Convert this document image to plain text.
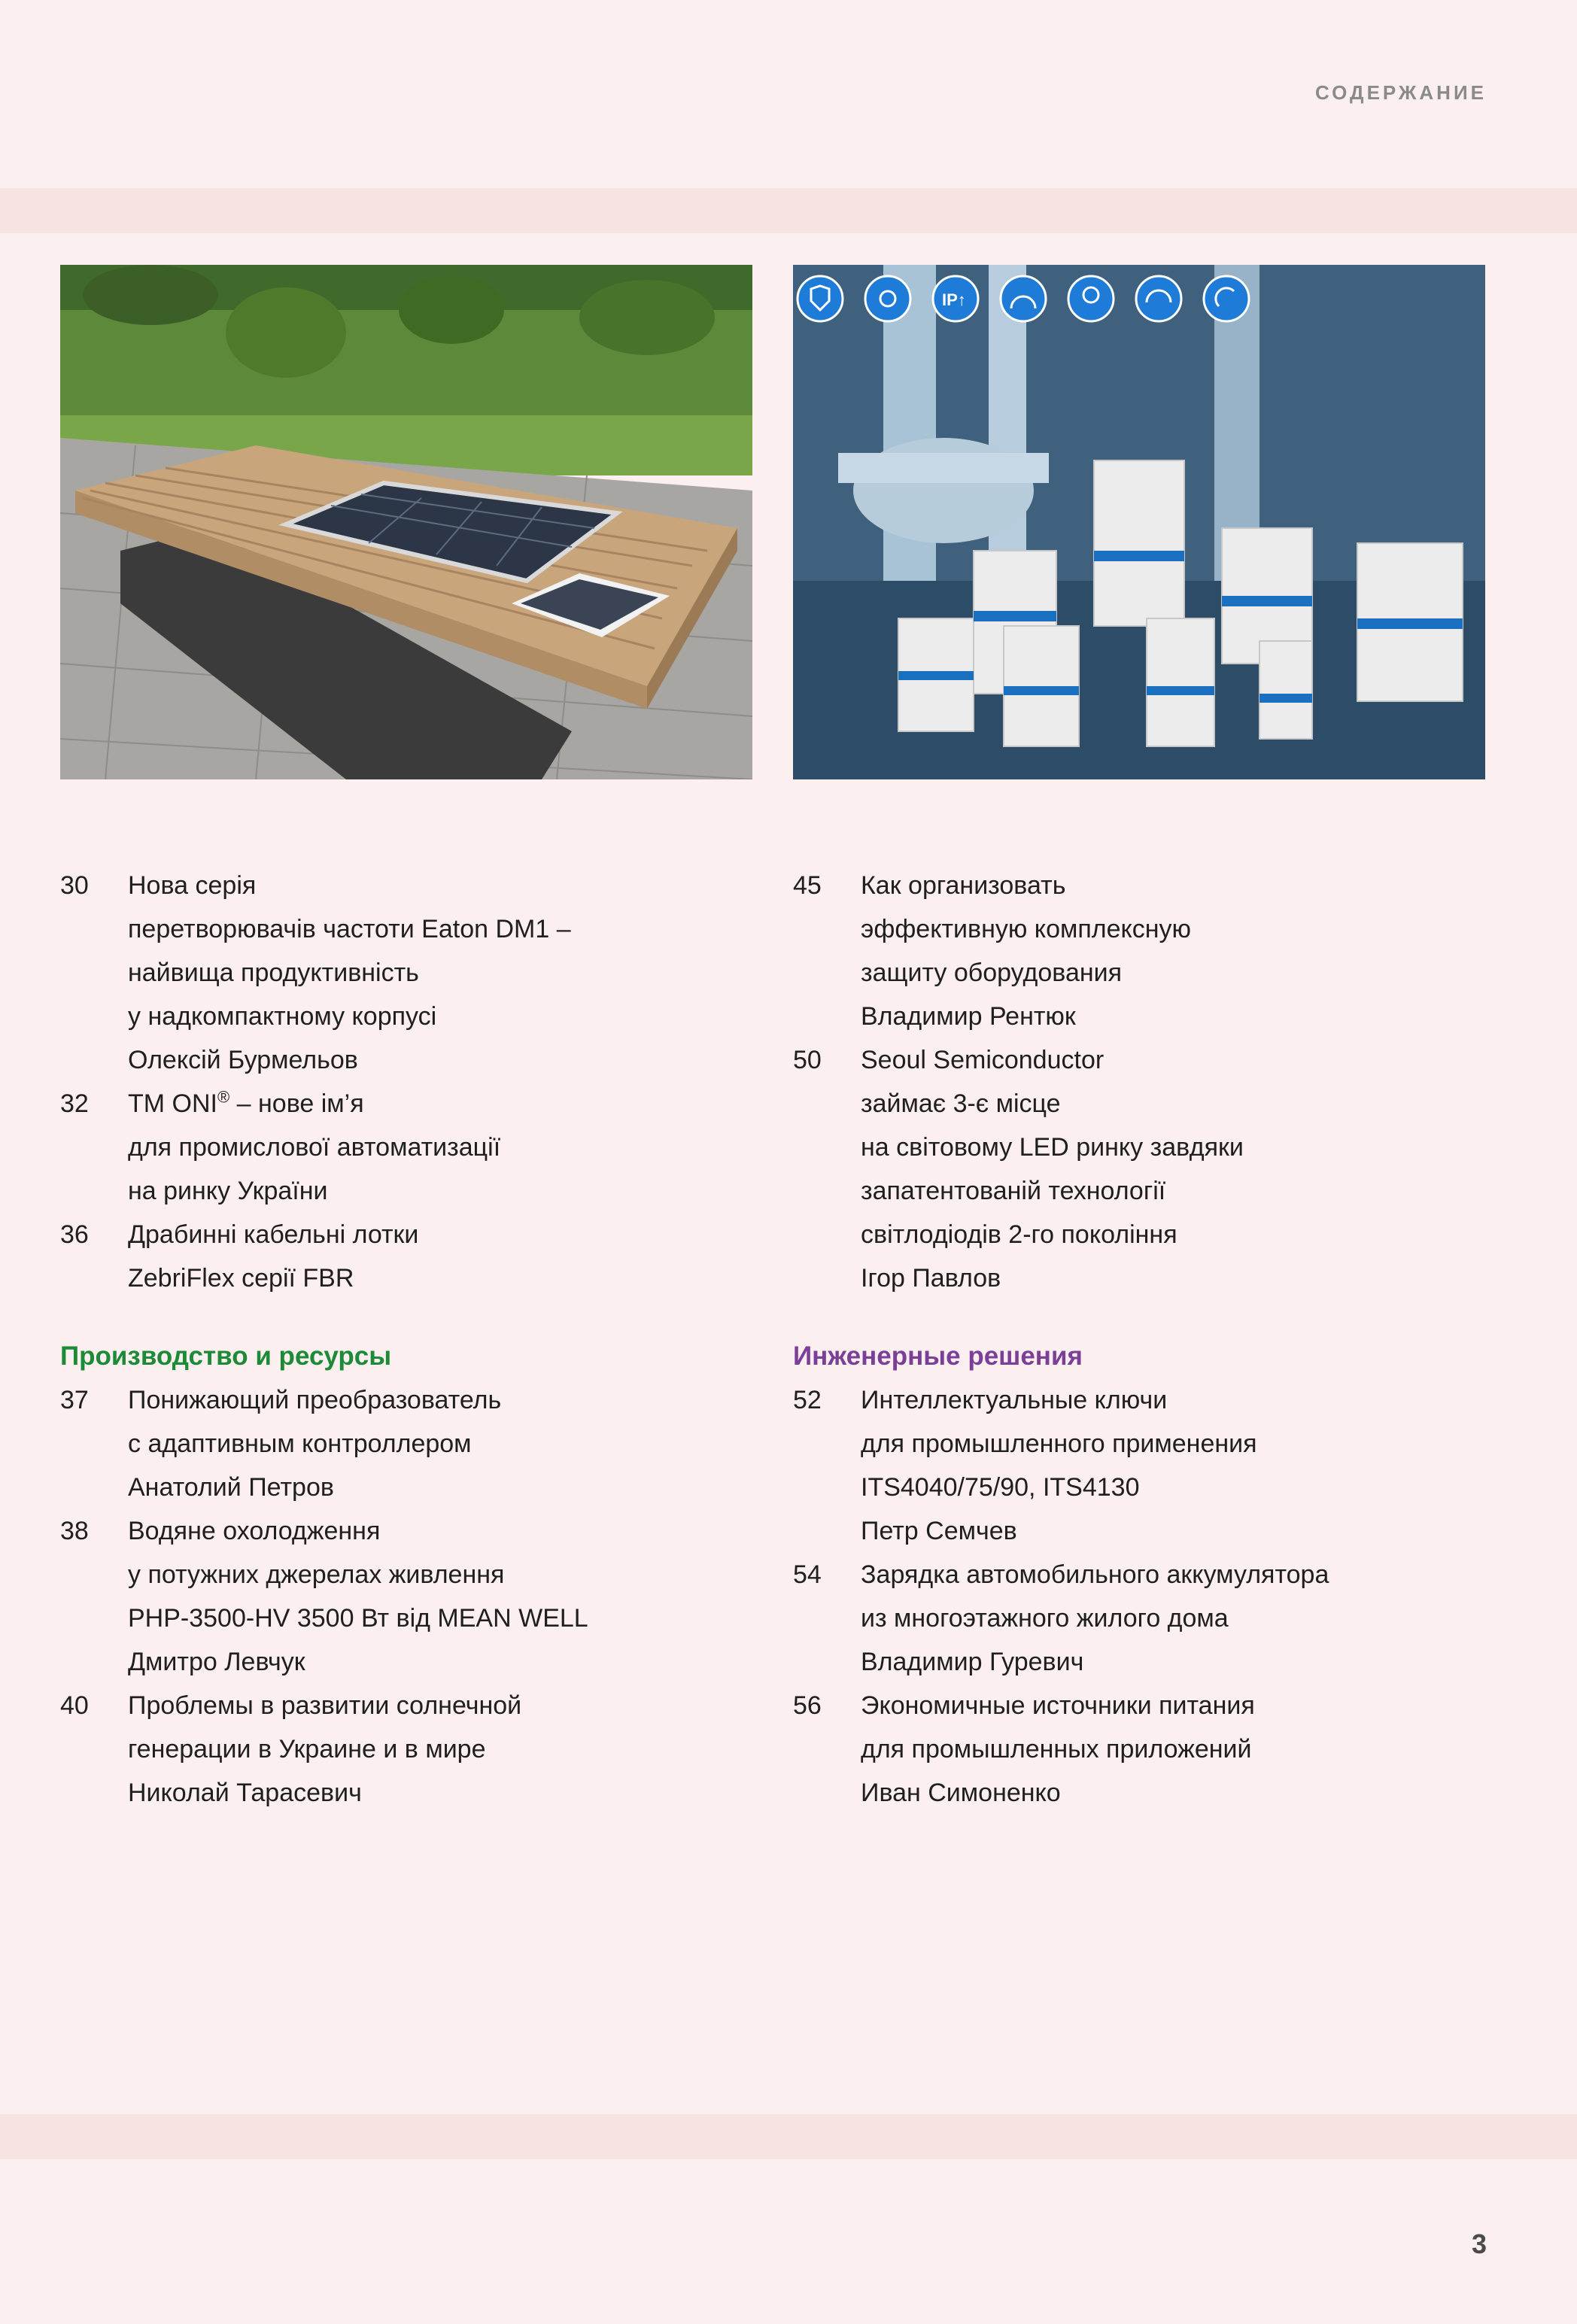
СОДЕРЖАНИЕ
IP↑
30	Нова серія
перетворювачів частоти Eaton DM1 –
найвища продуктивність
у надкомпактному корпусі
Олексій Бурмельов
32	ТМ ONI® – нове ім’я
для промислової автоматизації
на ринку України
36	Драбинні кабельні лотки
ZebriFlex серії FBR
Производство и ресурсы
37	Понижающий преобразователь
с адаптивным контроллером
Анатолий Петров
38	Водяне охолодження
у потужних джерелах живлення
PHP-3500-HV 3500 Вт від MEAN WELL
Дмитро Левчук
40	Проблемы в развитии солнечной
генерации в Украине и в мире
Николай Тарасевич
45	Как организовать
эффективную комплексную
защиту оборудования
Владимир Рентюк
50	Seoul Semiconductor
займає 3-є місце
на світовому LED ринку завдяки
запатентованій технології
світлодіодів 2-го покоління
Ігор Павлов
Инженерные решения
52	Интеллектуальные ключи
для промышленного применения
ITS4040/75/90, ITS4130
Петр Семчев
54	Зарядка автомобильного аккумулятора
из многоэтажного жилого дома
Владимир Гуревич
56	Экономичные источники питания
для промышленных приложений
Иван Симоненко
3
